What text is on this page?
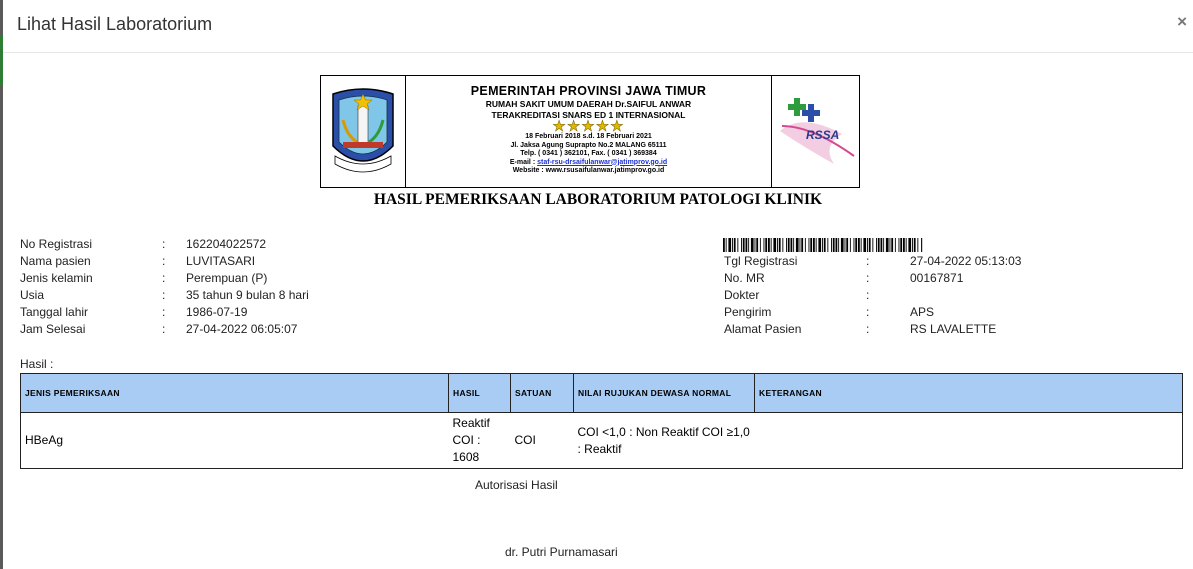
Lihat Hasil Laboratorium	×
PEMERINTAH PROVINSI JAWA TIMUR
RUMAH SAKIT UMUM DAERAH Dr.SAIFUL ANWAR
TERAKREDITASI SNARS ED 1 INTERNASIONAL
★★★★★
18 Februari 2018 s.d. 18 Februari 2021
Jl. Jaksa Agung Suprapto No.2 MALANG 65111
Telp. ( 0341 ) 362101, Fax. ( 0341 ) 369384
E-mail : staf-rsu-drsaifulanwar@jatimprov.go.id
Website : www.rsusaifulanwar.jatimprov.go.id
RSSA
HASIL PEMERIKSAAN LABORATORIUM PATOLOGI KLINIK
No Registrasi	: 162204022572
Nama pasien	: LUVITASARI
Jenis kelamin	: Perempuan (P)
Usia	: 35 tahun 9 bulan 8 hari
Tanggal lahir	: 1986-07-19
Jam Selesai	: 27-04-2022 06:05:07
Tgl Registrasi	:	27-04-2022 05:13:03
No. MR	:	00167871
Dokter	:
Pengirim	:	APS
Alamat Pasien	:	RS LAVALETTE
Hasil :
JENIS PEMERIKSAAN	HASIL	SATUAN	NILAI RUJUKAN DEWASA NORMAL	KETERANGAN
HBeAg	Reaktif COI : 1608	COI	COI <1,0 : Non Reaktif COI ≥1,0 : Reaktif	
Autorisasi Hasil
dr. Putri Purnamasari
